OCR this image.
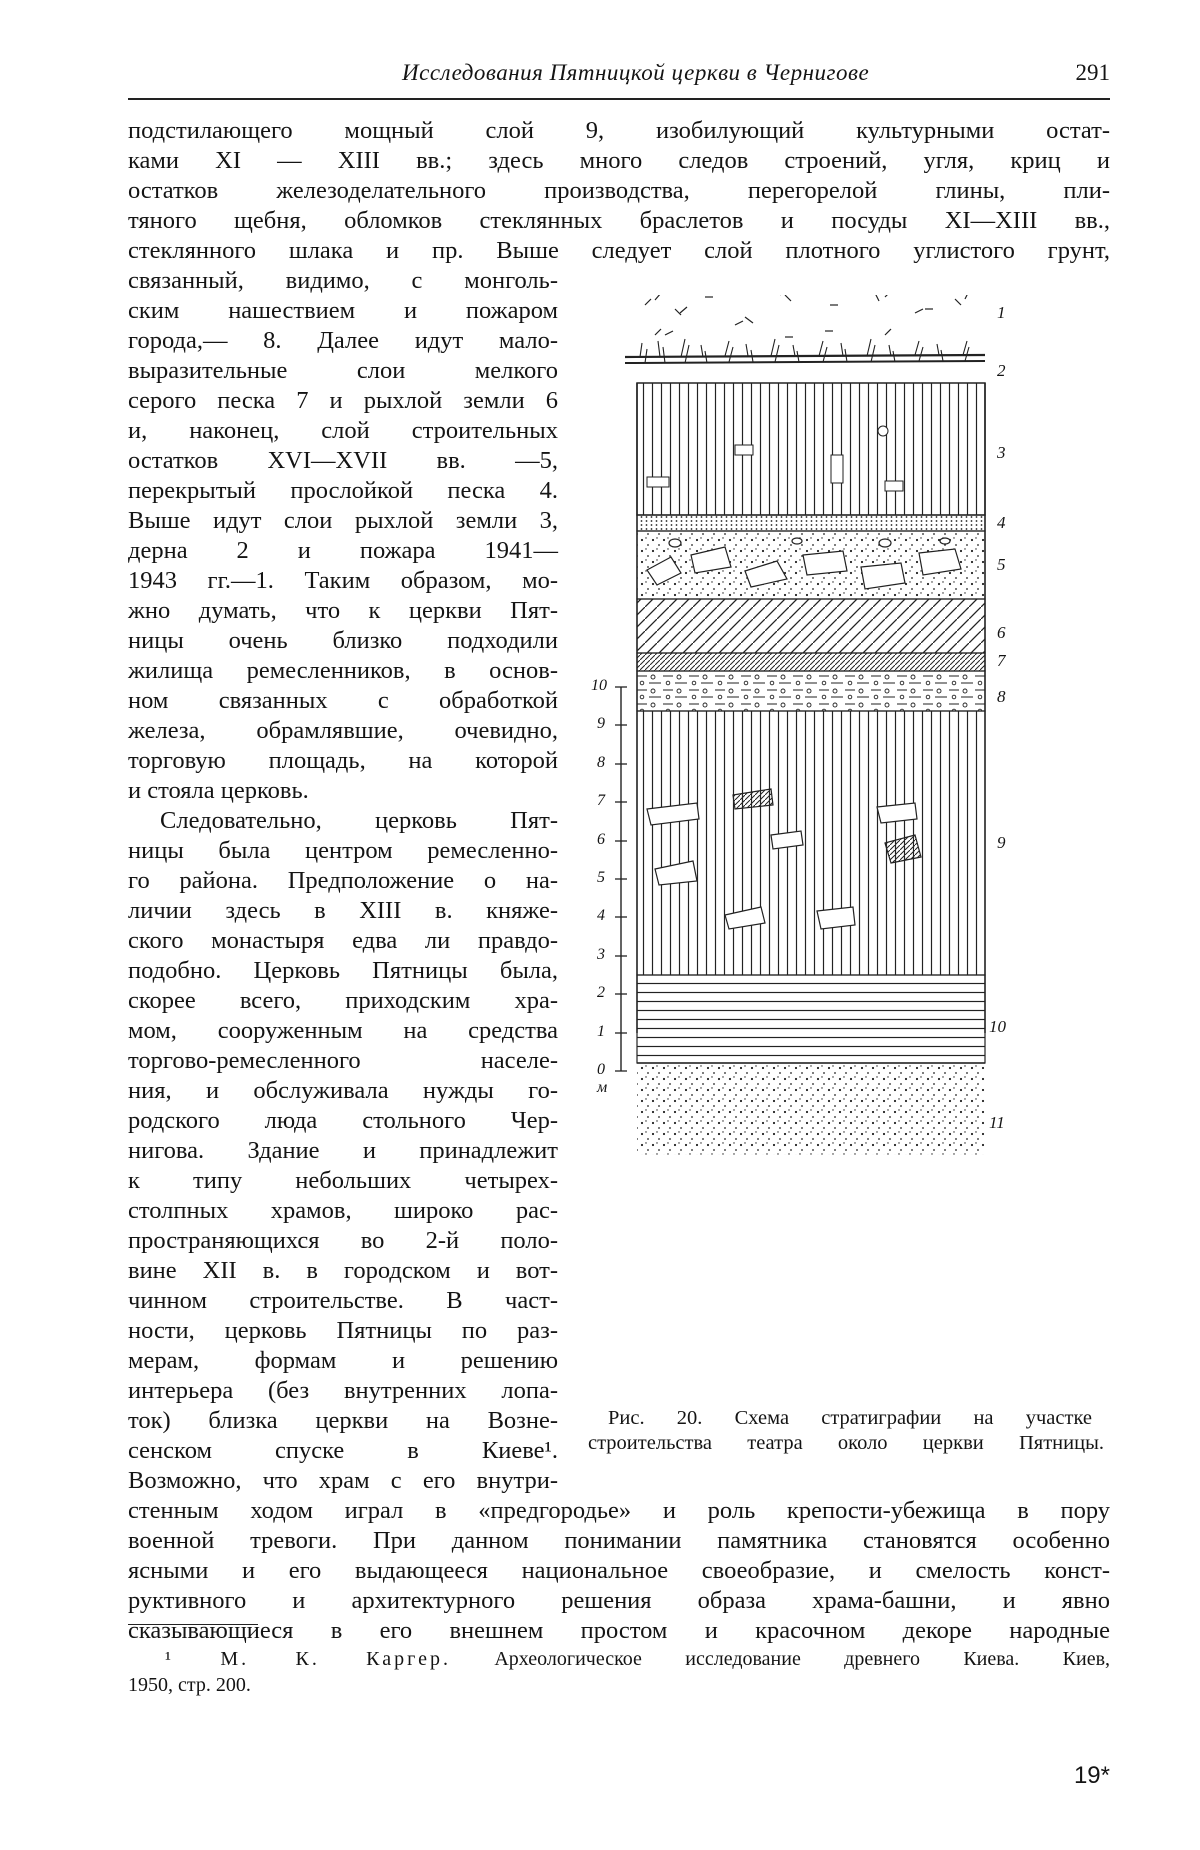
Исследования Пятницкой церкви в Чернигове	291
подстилающего мощный слой 9, изобилующий культурными остат-
ками XI — XIII вв.; здесь много следов строений, угля, криц и
остатков железоделательного производства, перегорелой глины, пли-
тяного щебня, обломков стеклянных браслетов и посуды XI—XIII вв.,
стеклянного шлака и пр. Выше следует слой плотного углистого грунт,
связанный, видимо, с монголь-
ским нашествием и пожаром
города,— 8. Далее идут мало-
выразительные слои мелкого
серого песка 7 и рыхлой земли 6
и, наконец, слой строительных
остатков XVI—XVII вв. —5,
перекрытый прослойкой песка 4.
Выше идут слои рыхлой земли 3,
дерна 2 и пожара 1941—
1943 гг.—1. Таким образом, мо-
жно думать, что к церкви Пят-
ницы очень близко подходили
жилища ремесленников, в основ-
ном связанных с обработкой
железа, обрамлявшие, очевидно,
торговую площадь, на которой
и стояла церковь.
Следовательно, церковь Пят-
ницы была центром ремесленно-
го района. Предположение о на-
личии здесь в XIII в. княже-
ского монастыря едва ли правдо-
подобно. Церковь Пятницы была,
скорее всего, приходским хра-
мом, сооруженным на средства
торгово-ремесленного населе-
ния, и обслуживала нужды го-
родского люда стольного Чер-
нигова. Здание и принадлежит
к типу небольших четырех-
столпных храмов, широко рас-
пространяющихся во 2-й поло-
вине XII в. в городском и вот-
чинном строительстве. В част-
ности, церковь Пятницы по раз-
мерам, формам и решению
интерьера (без внутренних лопа-
ток) близка церкви на Возне-
сенском спуске в Киеве¹.
Возможно, что храм с его внутри-
стенным ходом играл в «предгородье» и роль крепости-убежища в пору
военной тревоги. При данном понимании памятника становятся особенно
ясными и его выдающееся национальное своеобразие, и смелость конст-
руктивного и архитектурного решения образа храма-башни, и явно
сказывающиеся в его внешнем простом и красочном декоре народные
1
2
3
4
5
6
7
8
9
10
11
10
9
8
7
6
5
4
3
2
1
0
м
Рис. 20. Схема стратиграфии на участке
строительства театра около церкви Пятницы.
¹ М. К. Каргер. Археологическое исследование древнего Киева. Киев,
1950, стр. 200.
19*
